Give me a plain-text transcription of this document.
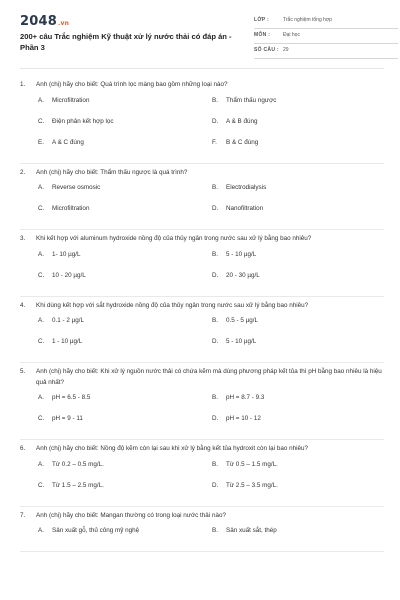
2048.vn
200+ câu Trắc nghiệm Kỹ thuật xử lý nước thải có đáp án - Phần 3
LỚP :	Trắc nghiệm tổng hợp
MÔN :	Đại học
SỐ CÂU : 29
1. Anh (chị) hãy cho biết: Quá trình lọc màng bao gồm những loại nào?
A. Microfiltration	B. Thẩm thấu ngược
C. Điện phân kết hợp lọc	D. A & B đúng
E. A & C đúng	F. B & C đúng
2. Anh (chị) hãy cho biết: Thẩm thấu ngược là quá trình?
A. Reverse osmosic	B. Electrodialysis
C. Microfiltration	D. Nanofiltration
3. Khi kết hợp với aluminum hydroxide nồng độ của thủy ngân trong nước sau xử lý bằng bao nhiêu?
A. 1- 10 µg/L	B. 5 - 10 µg/L
C. 10 - 20 µg/L	D. 20 - 30 µg/L
4. Khi dùng kết hợp với sắt hydroxide nồng độ của thủy ngân trong nước sau xử lý bằng bao nhiêu?
A. 0.1 - 2 µg/L	B. 0.5 - 5 µg/L
C. 1 - 10 µg/L	D. 5 - 10 µg/L
5. Anh (chị) hãy cho biết: Khi xử lý nguồn nước thải có chứa kẽm mà dùng phương pháp kết tủa thì pH bằng bao nhiêu là hiệu quả nhất?
A. pH = 6.5 - 8.5	B. pH = 8.7 - 9.3
C. pH = 9 - 11	D. pH = 10 - 12
6. Anh (chị) hãy cho biết: Nồng độ kẽm còn lại sau khi xử lý bằng kết tủa hydroxit còn lại bao nhiêu?
A. Từ 0.2 – 0.5 mg/L.	B. Từ 0.5 – 1.5 mg/L.
C. Từ 1.5 – 2.5 mg/L.	D. Từ 2.5 – 3.5 mg/L.
7. Anh (chị) hãy cho biết: Mangan thường có trong loại nước thải nào?
A. Sản xuất gỗ, thủ công mỹ nghệ	B. Sản xuất sắt, thép
